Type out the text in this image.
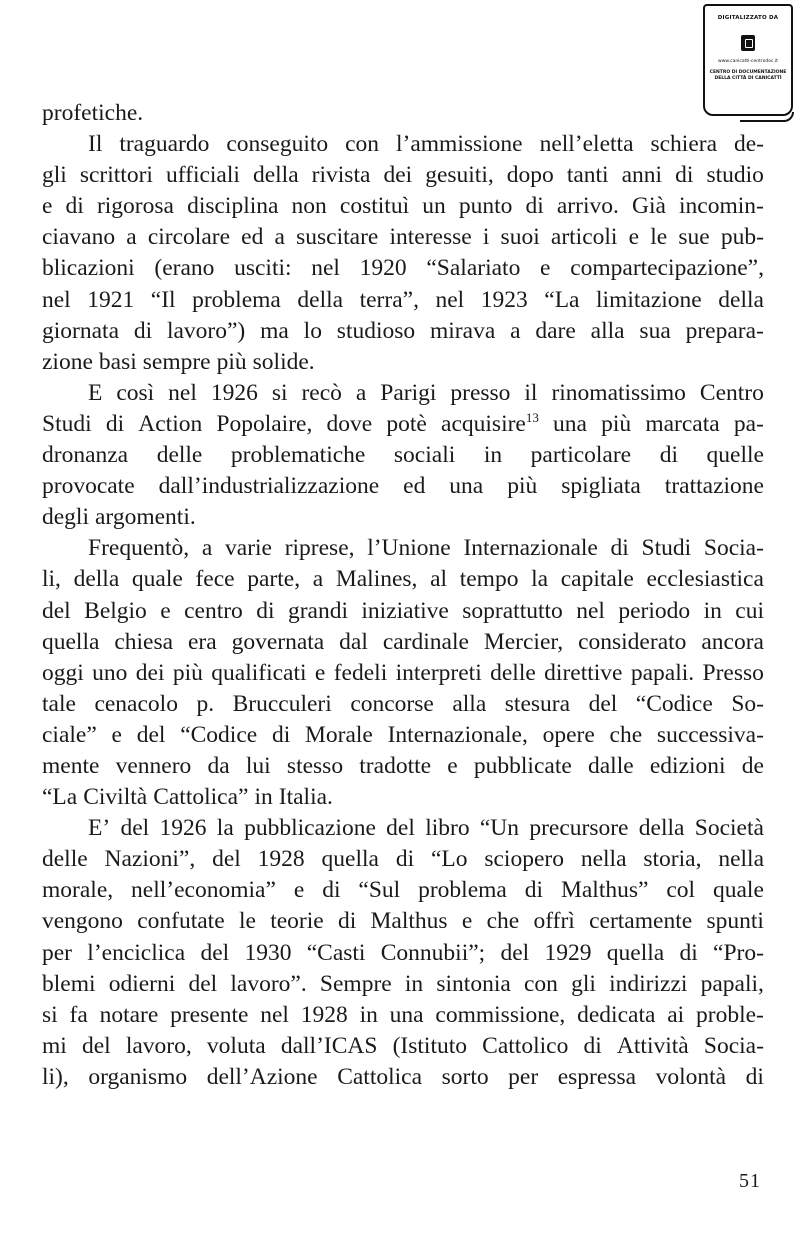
DIGITALIZZATO DA
www.canicatti-centrodoc.it
CENTRO DI DOCUMENTAZIONE
DELLA CITTÀ DI CANICATTÌ
profetiche.
Il traguardo conseguito con l’ammissione nell’eletta schiera de-
gli scrittori ufficiali della rivista dei gesuiti, dopo tanti anni di studio
e di rigorosa disciplina non costituì un punto di arrivo. Già incomin-
ciavano a circolare ed a suscitare interesse i suoi articoli e le sue pub-
blicazioni (erano usciti: nel 1920 “Salariato e compartecipazione”,
nel 1921 “Il problema della terra”, nel 1923 “La limitazione della
giornata di lavoro”) ma lo studioso mirava a dare alla sua prepara-
zione basi sempre più solide.
E così nel 1926 si recò a Parigi presso il rinomatissimo Centro
Studi di Action Popolaire, dove potè acquisire$^{13}$ una più marcata pa-
dronanza delle problematiche sociali in particolare di quelle
provocate dall’industrializzazione ed una più spigliata trattazione
degli argomenti.
Frequentò, a varie riprese, l’Unione Internazionale di Studi Socia-
li, della quale fece parte, a Malines, al tempo la capitale ecclesiastica
del Belgio e centro di grandi iniziative soprattutto nel periodo in cui
quella chiesa era governata dal cardinale Mercier, considerato ancora
oggi uno dei più qualificati e fedeli interpreti delle direttive papali. Presso
tale cenacolo p. Brucculeri concorse alla stesura del “Codice So-
ciale” e del “Codice di Morale Internazionale, opere che successiva-
mente vennero da lui stesso tradotte e pubblicate dalle edizioni de
“La Civiltà Cattolica” in Italia.
E’ del 1926 la pubblicazione del libro “Un precursore della Società
delle Nazioni”, del 1928 quella di “Lo sciopero nella storia, nella
morale, nell’economia” e di “Sul problema di Malthus” col quale
vengono confutate le teorie di Malthus e che offrì certamente spunti
per l’enciclica del 1930 “Casti Connubii”; del 1929 quella di “Pro-
blemi odierni del lavoro”. Sempre in sintonia con gli indirizzi papali,
si fa notare presente nel 1928 in una commissione, dedicata ai proble-
mi del lavoro, voluta dall’ICAS (Istituto Cattolico di Attività Socia-
li), organismo dell’Azione Cattolica sorto per espressa volontà di
51
